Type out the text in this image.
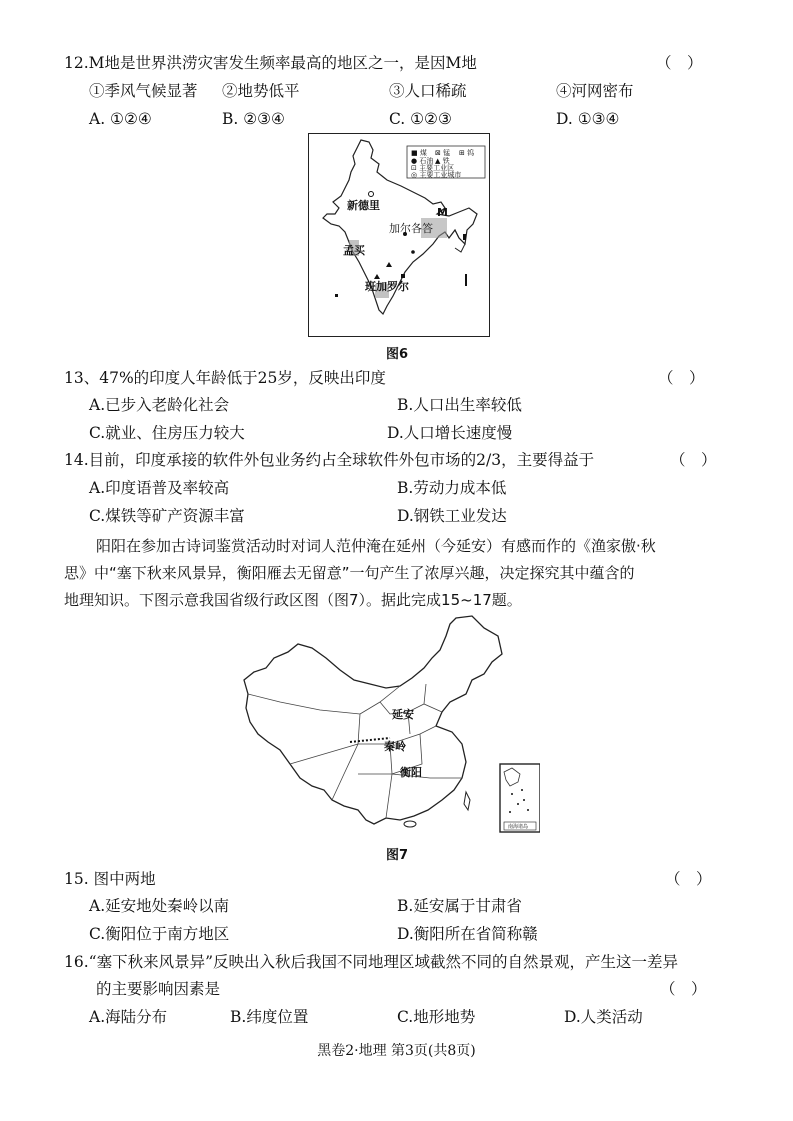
12.M地是世界洪涝灾害发生频率最高的地区之一，是因M地	（　）
①季风气候显著 ②地势低平	③人口稀疏	④河网密布
A. ①②④	B. ②③④	C. ①②③	D. ①③④
■ 煤 ⊠ 锰 ⊞ 钨
● 石油 ▲ 铁
⊡ 主要工业区
◎ 主要工业城市
新德里
加尔各答
M
孟买
班加罗尔
图6
13、47%的印度人年龄低于25岁，反映出印度	（　）
A.已步入老龄化社会	B.人口出生率较低
C.就业、住房压力较大	D.人口增长速度慢
14.目前，印度承接的软件外包业务约占全球软件外包市场的2/3，主要得益于	（　）
A.印度语普及率较高	B.劳动力成本低
C.煤铁等矿产资源丰富	D.钢铁工业发达
阳阳在参加古诗词鉴赏活动时对词人范仲淹在延州（今延安）有感而作的《渔家傲·秋
思》中“塞下秋来风景异，衡阳雁去无留意”一句产生了浓厚兴趣，决定探究其中蕴含的
地理知识。下图示意我国省级行政区图（图7）。据此完成15~17题。
延安
秦岭
衡阳
南海诸岛
图7
15. 图中两地	（　）
A.延安地处秦岭以南	B.延安属于甘肃省
C.衡阳位于南方地区	D.衡阳所在省简称赣
16.“塞下秋来风景异”反映出入秋后我国不同地理区域截然不同的自然景观，产生这一差异
的主要影响因素是	（　）
A.海陆分布	B.纬度位置	C.地形地势	D.人类活动
黑卷2·地理 第3页(共8页)
